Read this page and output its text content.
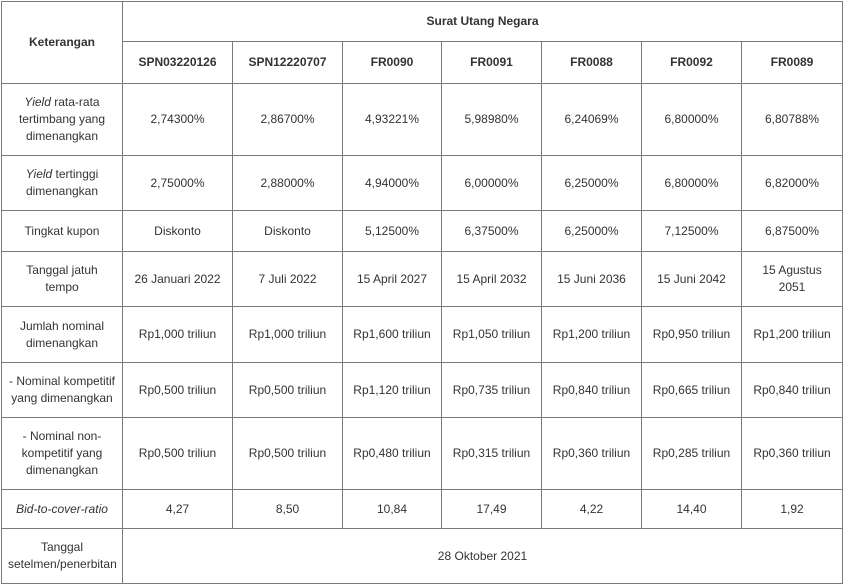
Keterangan	Surat Utang Negara						
	SPN03220126	SPN12220707	FR0090	FR0091	FR0088	FR0092	FR0089
Yield rata-rata tertimbang yang dimenangkan	2,74300%	2,86700%	4,93221%	5,98980%	6,24069%	6,80000%	6,80788%
Yield tertinggi dimenangkan	2,75000%	2,88000%	4,94000%	6,00000%	6,25000%	6,80000%	6,82000%
Tingkat kupon	Diskonto	Diskonto	5,12500%	6,37500%	6,25000%	7,12500%	6,87500%
Tanggal jatuh tempo	26 Januari 2022	7 Juli 2022	15 April 2027	15 April 2032	15 Juni 2036	15 Juni 2042	15 Agustus 2051
Jumlah nominal dimenangkan	Rp1,000 triliun	Rp1,000 triliun	Rp1,600 triliun	Rp1,050 triliun	Rp1,200 triliun	Rp0,950 triliun	Rp1,200 triliun
- Nominal kompetitif yang dimenangkan	Rp0,500 triliun	Rp0,500 triliun	Rp1,120 triliun	Rp0,735 triliun	Rp0,840 triliun	Rp0,665 triliun	Rp0,840 triliun
- Nominal non-kompetitif yang dimenangkan	Rp0,500 triliun	Rp0,500 triliun	Rp0,480 triliun	Rp0,315 triliun	Rp0,360 triliun	Rp0,285 triliun	Rp0,360 triliun
Bid-to-cover-ratio	4,27	8,50	10,84	17,49	4,22	14,40	1,92
Tanggal setelmen/penerbitan	28 Oktober 2021						
